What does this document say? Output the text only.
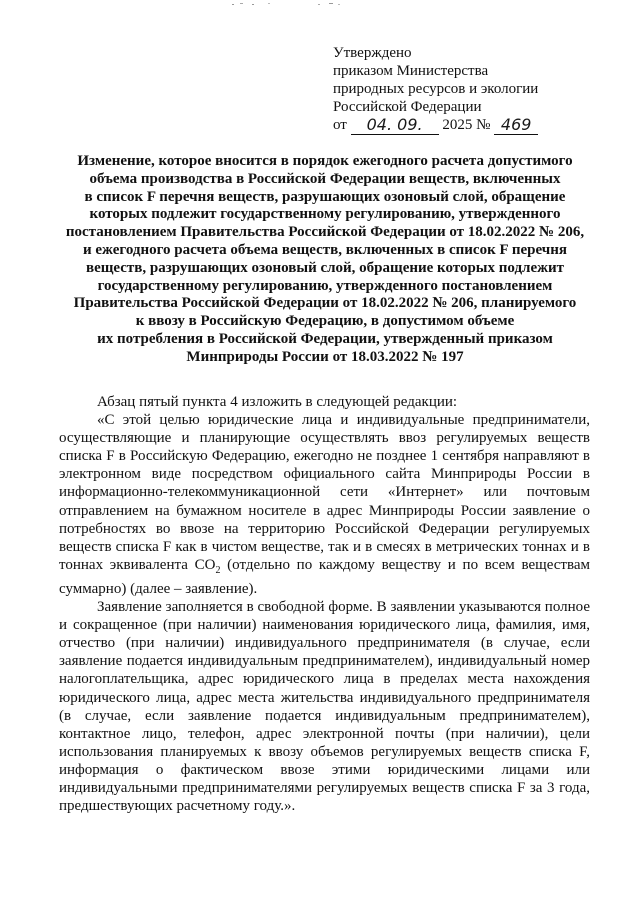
Утверждено
приказом Министерства
природных ресурсов и экологии
Российской Федерации
от 04. 09. 2025 № 469
Изменение, которое вносится в порядок ежегодного расчета допустимого
объема производства в Российской Федерации веществ, включенных
в список F перечня веществ, разрушающих озоновый слой, обращение
которых подлежит государственному регулированию, утвержденного
постановлением Правительства Российской Федерации от 18.02.2022 № 206,
и ежегодного расчета объема веществ, включенных в список F перечня
веществ, разрушающих озоновый слой, обращение которых подлежит
государственному регулированию, утвержденного постановлением
Правительства Российской Федерации от 18.02.2022 № 206, планируемого
к ввозу в Российскую Федерацию, в допустимом объеме
их потребления в Российской Федерации, утвержденный приказом
Минприроды России от 18.03.2022 № 197

Абзац пятый пункта 4 изложить в следующей редакции:

«С этой целью юридические лица и индивидуальные предприниматели, осуществляющие и планирующие осуществлять ввоз регулируемых веществ списка F в Российскую Федерацию, ежегодно не позднее 1 сентября направляют в электронном виде посредством официального сайта Минприроды России в информационно-телекоммуникационной сети «Интернет» или почтовым отправлением на бумажном носителе в адрес Минприроды России заявление о потребностях во ввозе на территорию Российской Федерации регулируемых веществ списка F как в чистом веществе, так и в смесях в метрических тоннах и в тоннах эквивалента $CO_2$ (отдельно по каждому веществу и по всем веществам суммарно) (далее – заявление).

Заявление заполняется в свободной форме. В заявлении указываются полное и сокращенное (при наличии) наименования юридического лица, фамилия, имя, отчество (при наличии) индивидуального предпринимателя (в случае, если заявление подается индивидуальным предпринимателем), индивидуальный номер налогоплательщика, адрес юридического лица в пределах места нахождения юридического лица, адрес места жительства индивидуального предпринимателя (в случае, если заявление подается индивидуальным предпринимателем), контактное лицо, телефон, адрес электронной почты (при наличии), цели использования планируемых к ввозу объемов регулируемых веществ списка F, информация о фактическом ввозе этими юридическими лицами или индивидуальными предпринимателями регулируемых веществ списка F за 3 года, предшествующих расчетному году.».
